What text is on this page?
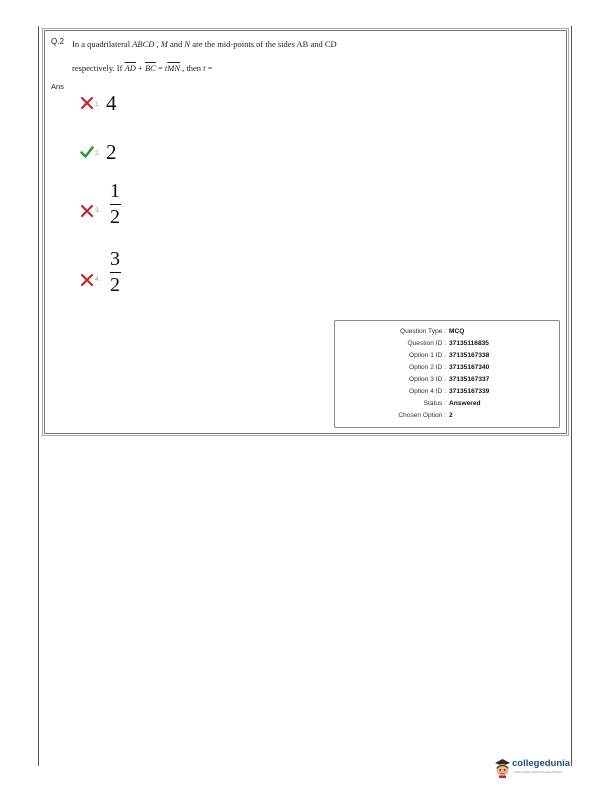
Q.2 In a quadrilateral ABCD , M and N are the mid-points of the sides AB and CD
respectively. If $\overline{AD} + \overline{BC} = t\overline{MN}$ , then t =
Ans
1. 4
2. 2
3.
1
2
4.
3
2
Question Type : MCQ
Question ID : 37135116835
Option 1 ID : 37135167338
Option 2 ID : 37135167340
Option 3 ID : 37135167337
Option 4 ID : 37135167339
Status : Answered
Chosen Option : 2
collegedunia
India's largest Student Review Platform
